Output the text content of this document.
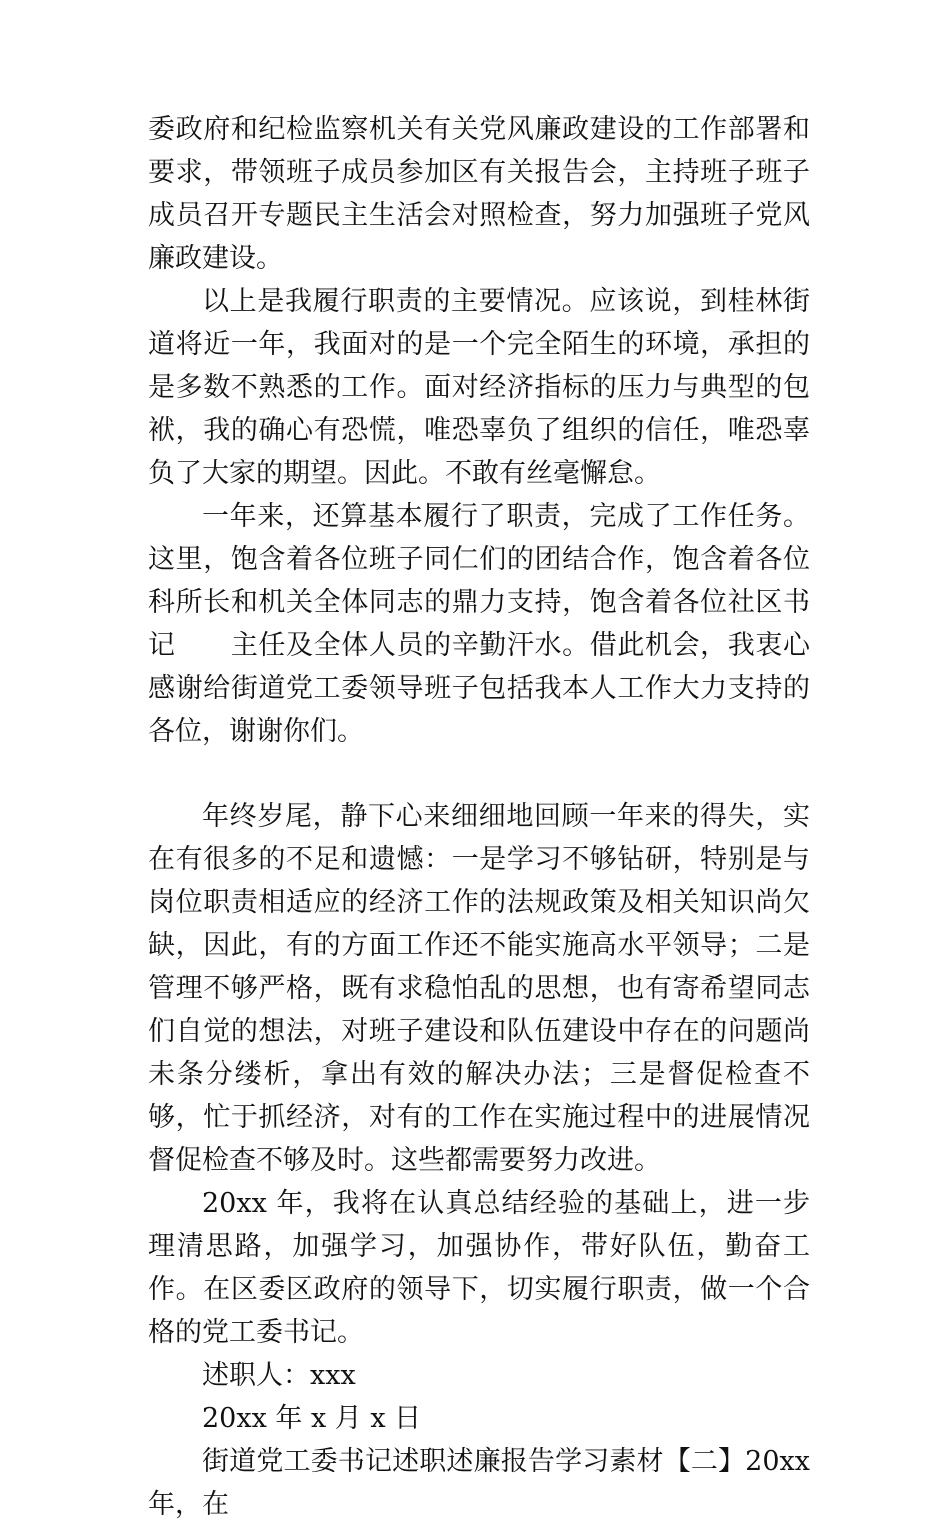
委政府和纪检监察机关有关党风廉政建设的工作部署和要求，带领班子成员参加区有关报告会，主持班子班子成员召开专题民主生活会对照检查，努力加强班子党风廉政建设。

以上是我履行职责的主要情况。应该说，到桂林街道将近一年，我面对的是一个完全陌生的环境，承担的是多数不熟悉的工作。面对经济指标的压力与典型的包袱，我的确心有恐慌，唯恐辜负了组织的信任，唯恐辜负了大家的期望。因此。不敢有丝毫懈怠。

一年来，还算基本履行了职责，完成了工作任务。这里，饱含着各位班子同仁们的团结合作，饱含着各位科所长和机关全体同志的鼎力支持，饱含着各位社区书记　　主任及全体人员的辛勤汗水。借此机会，我衷心感谢给街道党工委领导班子包括我本人工作大力支持的各位，谢谢你们。

年终岁尾，静下心来细细地回顾一年来的得失，实在有很多的不足和遗憾：一是学习不够钻研，特别是与岗位职责相适应的经济工作的法规政策及相关知识尚欠缺，因此，有的方面工作还不能实施高水平领导；二是管理不够严格，既有求稳怕乱的思想，也有寄希望同志们自觉的想法，对班子建设和队伍建设中存在的问题尚未条分缕析，拿出有效的解决办法；三是督促检查不够，忙于抓经济，对有的工作在实施过程中的进展情况督促检查不够及时。这些都需要努力改进。

20xx 年，我将在认真总结经验的基础上，进一步理清思路，加强学习，加强协作，带好队伍，勤奋工作。在区委区政府的领导下，切实履行职责，做一个合格的党工委书记。

述职人：xxx

20xx 年 x 月 x 日

街道党工委书记述职述廉报告学习素材【二】20xx 年，在
